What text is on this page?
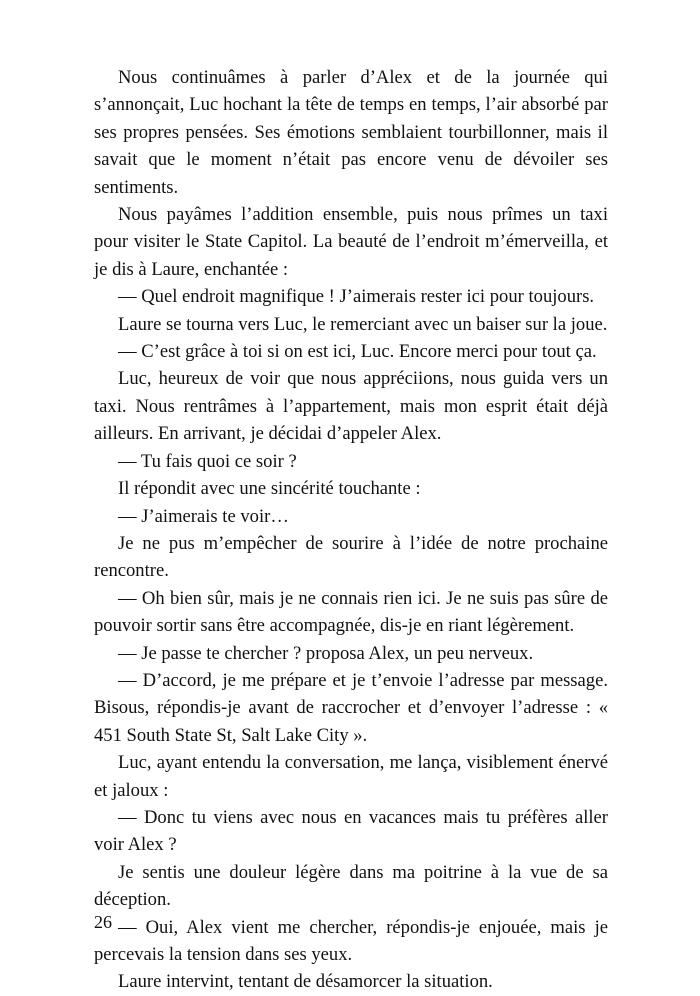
Nous continuâmes à parler d’Alex et de la journée qui s’annonçait, Luc hochant la tête de temps en temps, l’air absorbé par ses propres pensées. Ses émotions semblaient tourbillonner, mais il savait que le moment n’était pas encore venu de dévoiler ses sentiments.

Nous payâmes l’addition ensemble, puis nous prîmes un taxi pour visiter le State Capitol. La beauté de l’endroit m’émerveilla, et je dis à Laure, enchantée :

— Quel endroit magnifique ! J’aimerais rester ici pour toujours.

Laure se tourna vers Luc, le remerciant avec un baiser sur la joue.

— C’est grâce à toi si on est ici, Luc. Encore merci pour tout ça.

Luc, heureux de voir que nous appréciions, nous guida vers un taxi. Nous rentrâmes à l’appartement, mais mon esprit était déjà ailleurs. En arrivant, je décidai d’appeler Alex.

— Tu fais quoi ce soir ?

Il répondit avec une sincérité touchante :

— J’aimerais te voir…

Je ne pus m’empêcher de sourire à l’idée de notre prochaine rencontre.

— Oh bien sûr, mais je ne connais rien ici. Je ne suis pas sûre de pouvoir sortir sans être accompagnée, dis-je en riant légèrement.

— Je passe te chercher ? proposa Alex, un peu nerveux.

— D’accord, je me prépare et je t’envoie l’adresse par message. Bisous, répondis-je avant de raccrocher et d’envoyer l’adresse : « 451 South State St, Salt Lake City ».

Luc, ayant entendu la conversation, me lança, visiblement énervé et jaloux :

— Donc tu viens avec nous en vacances mais tu préfères aller voir Alex ?

Je sentis une douleur légère dans ma poitrine à la vue de sa déception.

— Oui, Alex vient me chercher, répondis-je enjouée, mais je percevais la tension dans ses yeux.

Laure intervint, tentant de désamorcer la situation.

26
